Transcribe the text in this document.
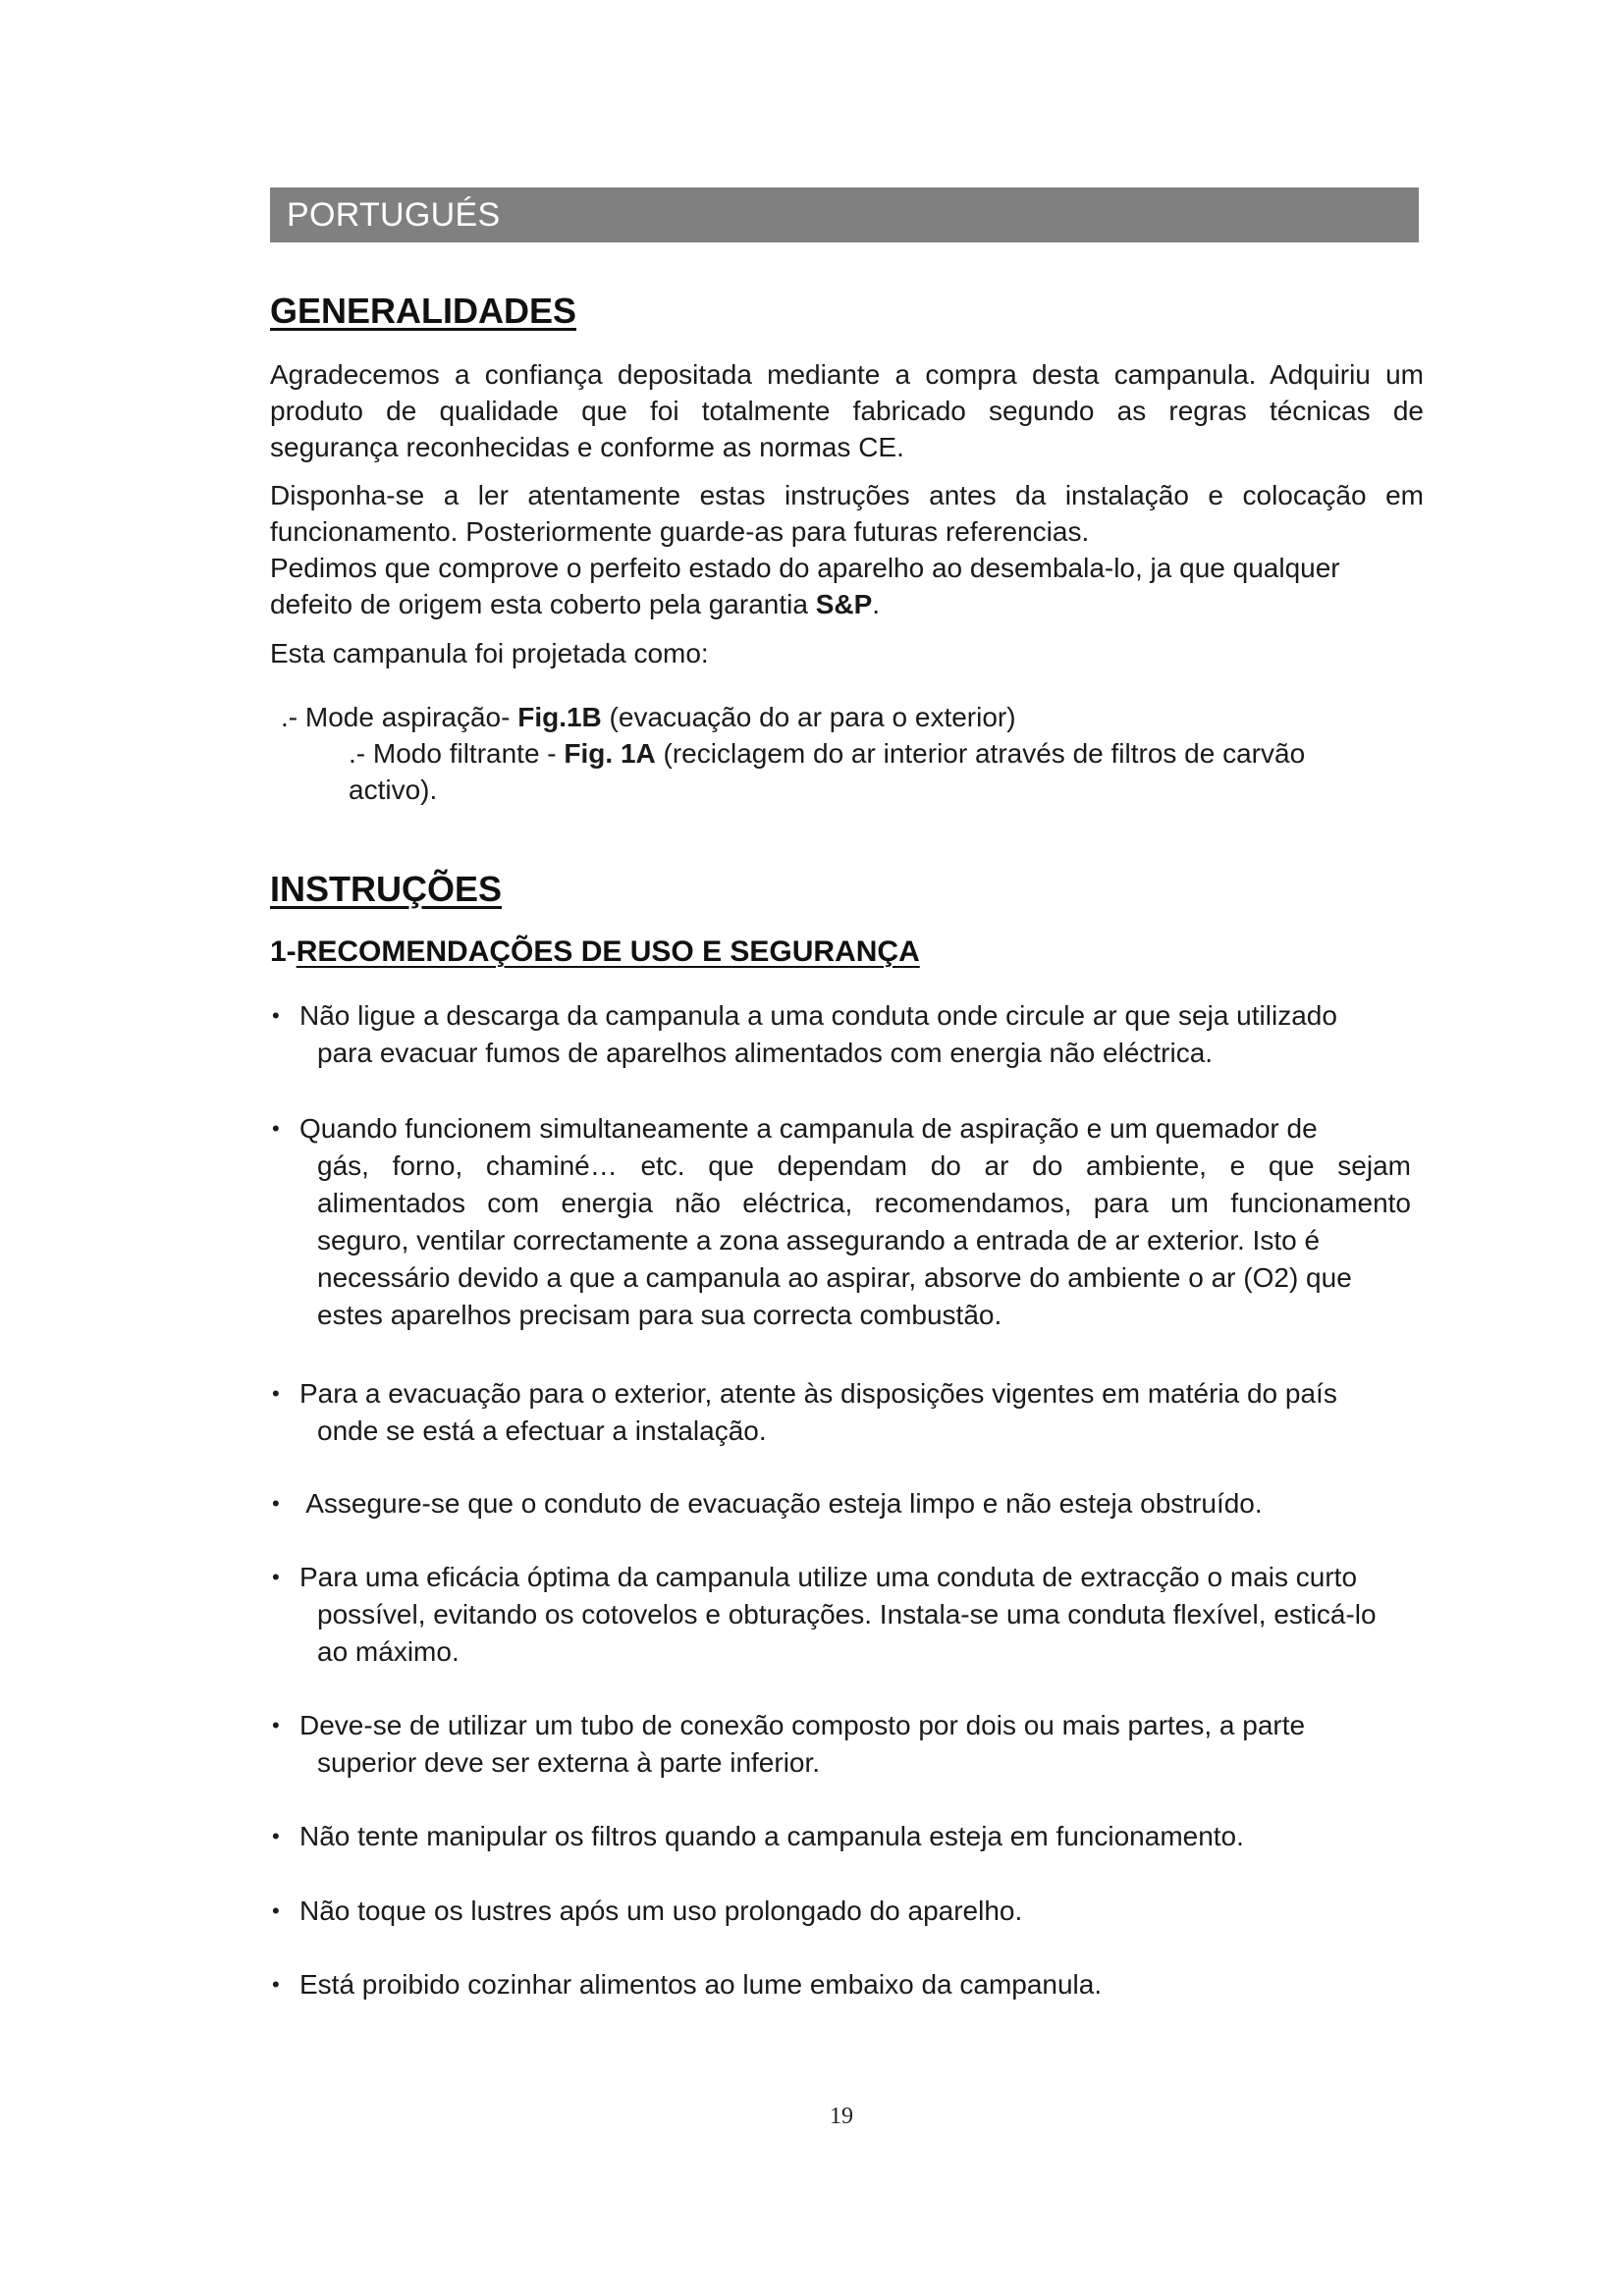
PORTUGUÉS
GENERALIDADES

Agradecemos a confiança depositada mediante a compra desta campanula. Adquiriu um
produto de qualidade que foi totalmente fabricado segundo as regras técnicas de
segurança reconhecidas e conforme as normas CE.

Disponha-se a ler atentamente estas instruções antes da instalação e colocação em
funcionamento. Posteriormente guarde-as para futuras referencias.
Pedimos que comprove o perfeito estado do aparelho ao desembala-lo, ja que qualquer
defeito de origem esta coberto pela garantia S&P.

Esta campanula foi projetada como:

.- Mode aspiração- Fig.1B (evacuação do ar para o exterior)

.- Modo filtrante - Fig. 1A (reciclagem do ar interior através de filtros de carvão
activo).

INSTRUÇÕES
1-RECOMENDAÇÕES DE USO E SEGURANÇA
• Não ligue a descarga da campanula a uma conduta onde circule ar que seja utilizado
para evacuar fumos de aparelhos alimentados com energia não eléctrica.
• Quando funcionem simultaneamente a campanula de aspiração e um quemador de
gás, forno, chaminé… etc. que dependam do ar do ambiente, e que sejam
alimentados com energia não eléctrica, recomendamos, para um funcionamento
seguro, ventilar correctamente a zona assegurando a entrada de ar exterior. Isto é
necessário devido a que a campanula ao aspirar, absorve do ambiente o ar (O2) que
estes aparelhos precisam para sua correcta combustão.
• Para a evacuação para o exterior, atente às disposições vigentes em matéria do país
onde se está a efectuar a instalação.
• Assegure-se que o conduto de evacuação esteja limpo e não esteja obstruído.
• Para uma eficácia óptima da campanula utilize uma conduta de extracção o mais curto
possível, evitando os cotovelos e obturações. Instala-se uma conduta flexível, esticá-lo
ao máximo.
• Deve-se de utilizar um tubo de conexão composto por dois ou mais partes, a parte
superior deve ser externa à parte inferior.
• Não tente manipular os filtros quando a campanula esteja em funcionamento.
• Não toque os lustres após um uso prolongado do aparelho.
• Está proibido cozinhar alimentos ao lume embaixo da campanula.
19
